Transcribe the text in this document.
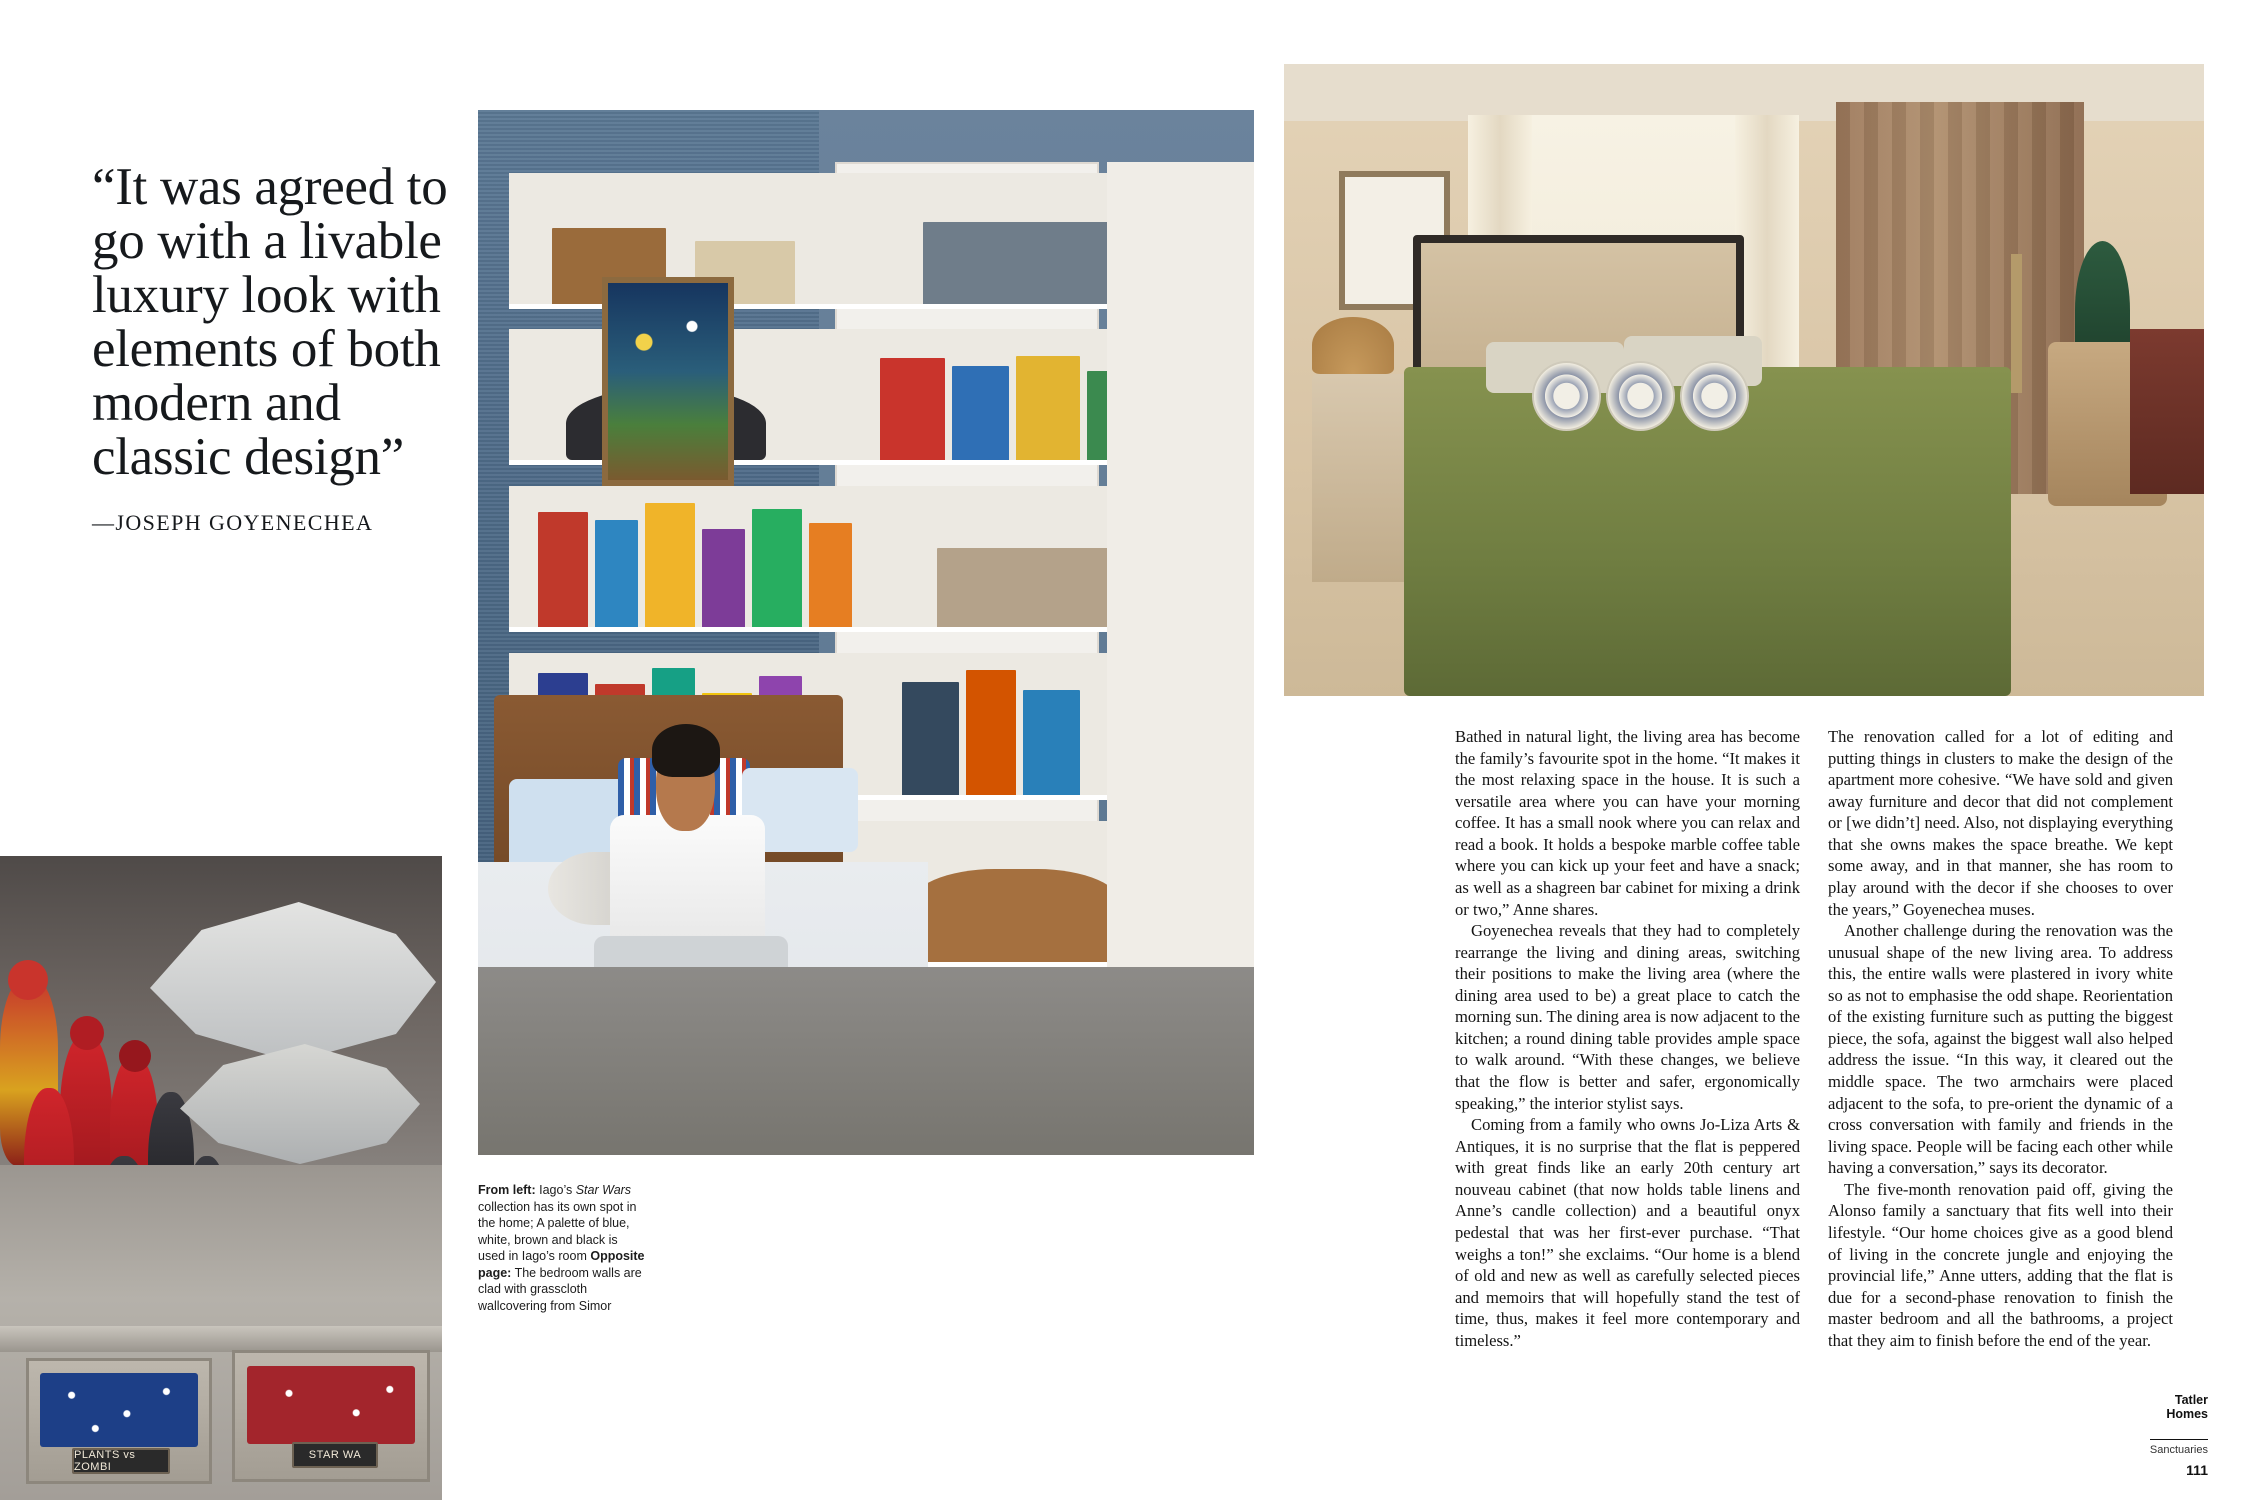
“It was agreed to go with a livable luxury look with elements of both modern and classic design”
—JOSEPH GOYENECHEA
PLANTS vs ZOMBI
STAR WA
From left: Iago’s Star Wars collection has its own spot in the home; A palette of blue, white, brown and black is used in Iago’s room Opposite page: The bedroom walls are clad with grasscloth wallcovering from Simor

Bathed in natural light, the living area has become the family’s favourite spot in the home. “It makes it the most relaxing space in the house. It is such a versatile area where you can have your morning coffee. It has a small nook where you can relax and read a book. It holds a bespoke marble coffee table where you can kick up your feet and have a snack; as well as a shagreen bar cabinet for mixing a drink or two,” Anne shares.

Goyenechea reveals that they had to completely rearrange the living and dining areas, switching their positions to make the living area (where the dining area used to be) a great place to catch the morning sun. The dining area is now adjacent to the kitchen; a round dining table provides ample space to walk around. “With these changes, we believe that the flow is better and safer, ergonomically speaking,” the interior stylist says.

Coming from a family who owns Jo-Liza Arts & Antiques, it is no surprise that the flat is peppered with great finds like an early 20th century art nouveau cabinet (that now holds table linens and Anne’s candle collection) and a beautiful onyx pedestal that was her first-ever purchase. “That weighs a ton!” she exclaims. “Our home is a blend of old and new as well as carefully selected pieces and memoirs that will hopefully stand the test of time, thus, makes it feel more contemporary and timeless.”

The renovation called for a lot of editing and putting things in clusters to make the design of the apartment more cohesive. “We have sold and given away furniture and decor that did not complement or [we didn’t] need. Also, not displaying everything that she owns makes the space breathe. We kept some away, and in that manner, she has room to play around with the decor if she chooses to over the years,” Goyenechea muses.

Another challenge during the renovation was the unusual shape of the new living area. To address this, the entire walls were plastered in ivory white so as not to emphasise the odd shape. Reorientation of the existing furniture such as putting the biggest piece, the sofa, against the biggest wall also helped address the issue. “In this way, it cleared out the middle space. The two armchairs were placed adjacent to the sofa, to pre-orient the dynamic of a cross conversation with family and friends in the living space. People will be facing each other while having a conversation,” says its decorator.

The five-month renovation paid off, giving the Alonso family a sanctuary that fits well into their lifestyle. “Our home choices give as a good blend of living in the concrete jungle and enjoying the provincial life,” Anne utters, adding that the flat is due for a second-phase renovation to finish the master bedroom and all the bathrooms, a project that they aim to finish before the end of the year.

Tatler
Homes
Sanctuaries
111
